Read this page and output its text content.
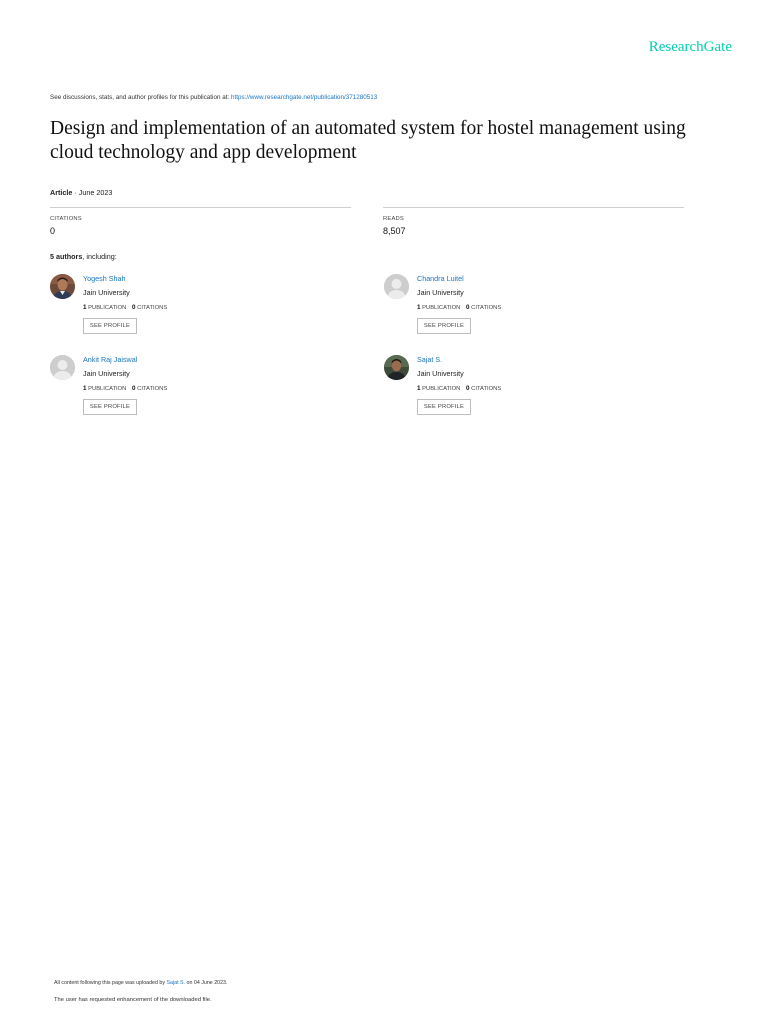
ResearchGate
See discussions, stats, and author profiles for this publication at: https://www.researchgate.net/publication/371280513
Design and implementation of an automated system for hostel management using cloud technology and app development
Article · June 2023
CITATIONS
0
READS
8,507
5 authors, including:
Yogesh Shah
Jain University
1 PUBLICATION 0 CITATIONS
SEE PROFILE
Chandra Luitel
Jain University
1 PUBLICATION 0 CITATIONS
SEE PROFILE
Ankit Raj Jaiswal
Jain University
1 PUBLICATION 0 CITATIONS
SEE PROFILE
Sajat S.
Jain University
1 PUBLICATION 0 CITATIONS
SEE PROFILE
All content following this page was uploaded by Sajat S. on 04 June 2023.
The user has requested enhancement of the downloaded file.
